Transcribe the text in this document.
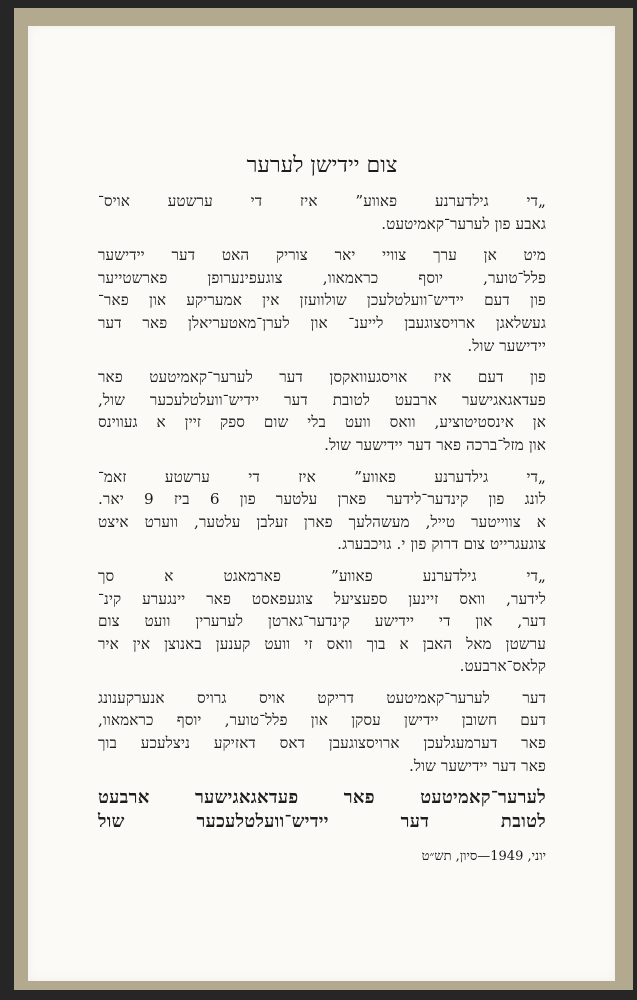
צום יידישן לערער
„די גילדערנע פאווע” איז די ערשטע אויס־
גאבע פון לערער־קאמיטעט.
מיט אן ערך צוויי יאר צוריק האט דער יידישער
פלל־טוער, יוסף כראמאוו, צוגעפינערופן פארשטייער
פון דעם יידיש־וועלטלעכן שולוועזן אין אמעריקע און פאר־
געשלאגן ארויסצוגעבן לייענ־ און לערן־מאטעריאלן פאר דער
יידישער שול.
פון דעם איז אויסגעוואקסן דער לערער־קאמיטעט פאר
פעדאגאגישער ארבעט לטובת דער יידיש־וועלטלעכער שול,
אן אינסטיטוציע, וואס וועט בלי שום ספק זיין א געווינס
און מזל־ברכה פאר דער יידישער שול.
„די גילדערנע פאווע” איז די ערשטע זאמ־
לונג פון קינדער־לידער פארן עלטער פון 6 ביז 9 יאר.
א צווייטער טייל, מעשהלעך פארן זעלבן עלטער, ווערט איצט
צוגעגרייט צום דרוק פון י. גויכבערג.
„די גילדערנע פאווע” פארמאגט א סך
לידער, וואס זיינען ספעציעל צוגעפאסט פאר יינגערע קינ־
דער, און די יידישע קינדער־גארטן לערערין וועט צום
ערשטן מאל האבן א בוך וואס זי וועט קענען באנוצן אין איר
קלאס־ארבעט.
דער לערער־קאמיטעט דריקט אויס גרויס אנערקענונג
דעם חשובן יידישן עסקן און פלל־טוער, יוסף כראמאוו,
פאר דערמעגלעכן ארויסצוגעבן דאס דאזיקע ניצלעכע בוך
פאר דער יידישער שול.
לערער־קאמיטעט פאר פעדאגאגישער ארבעט
לטובת דער יידיש־וועלטלעכער שול
יוני, 1949—סיון, תש״ט
